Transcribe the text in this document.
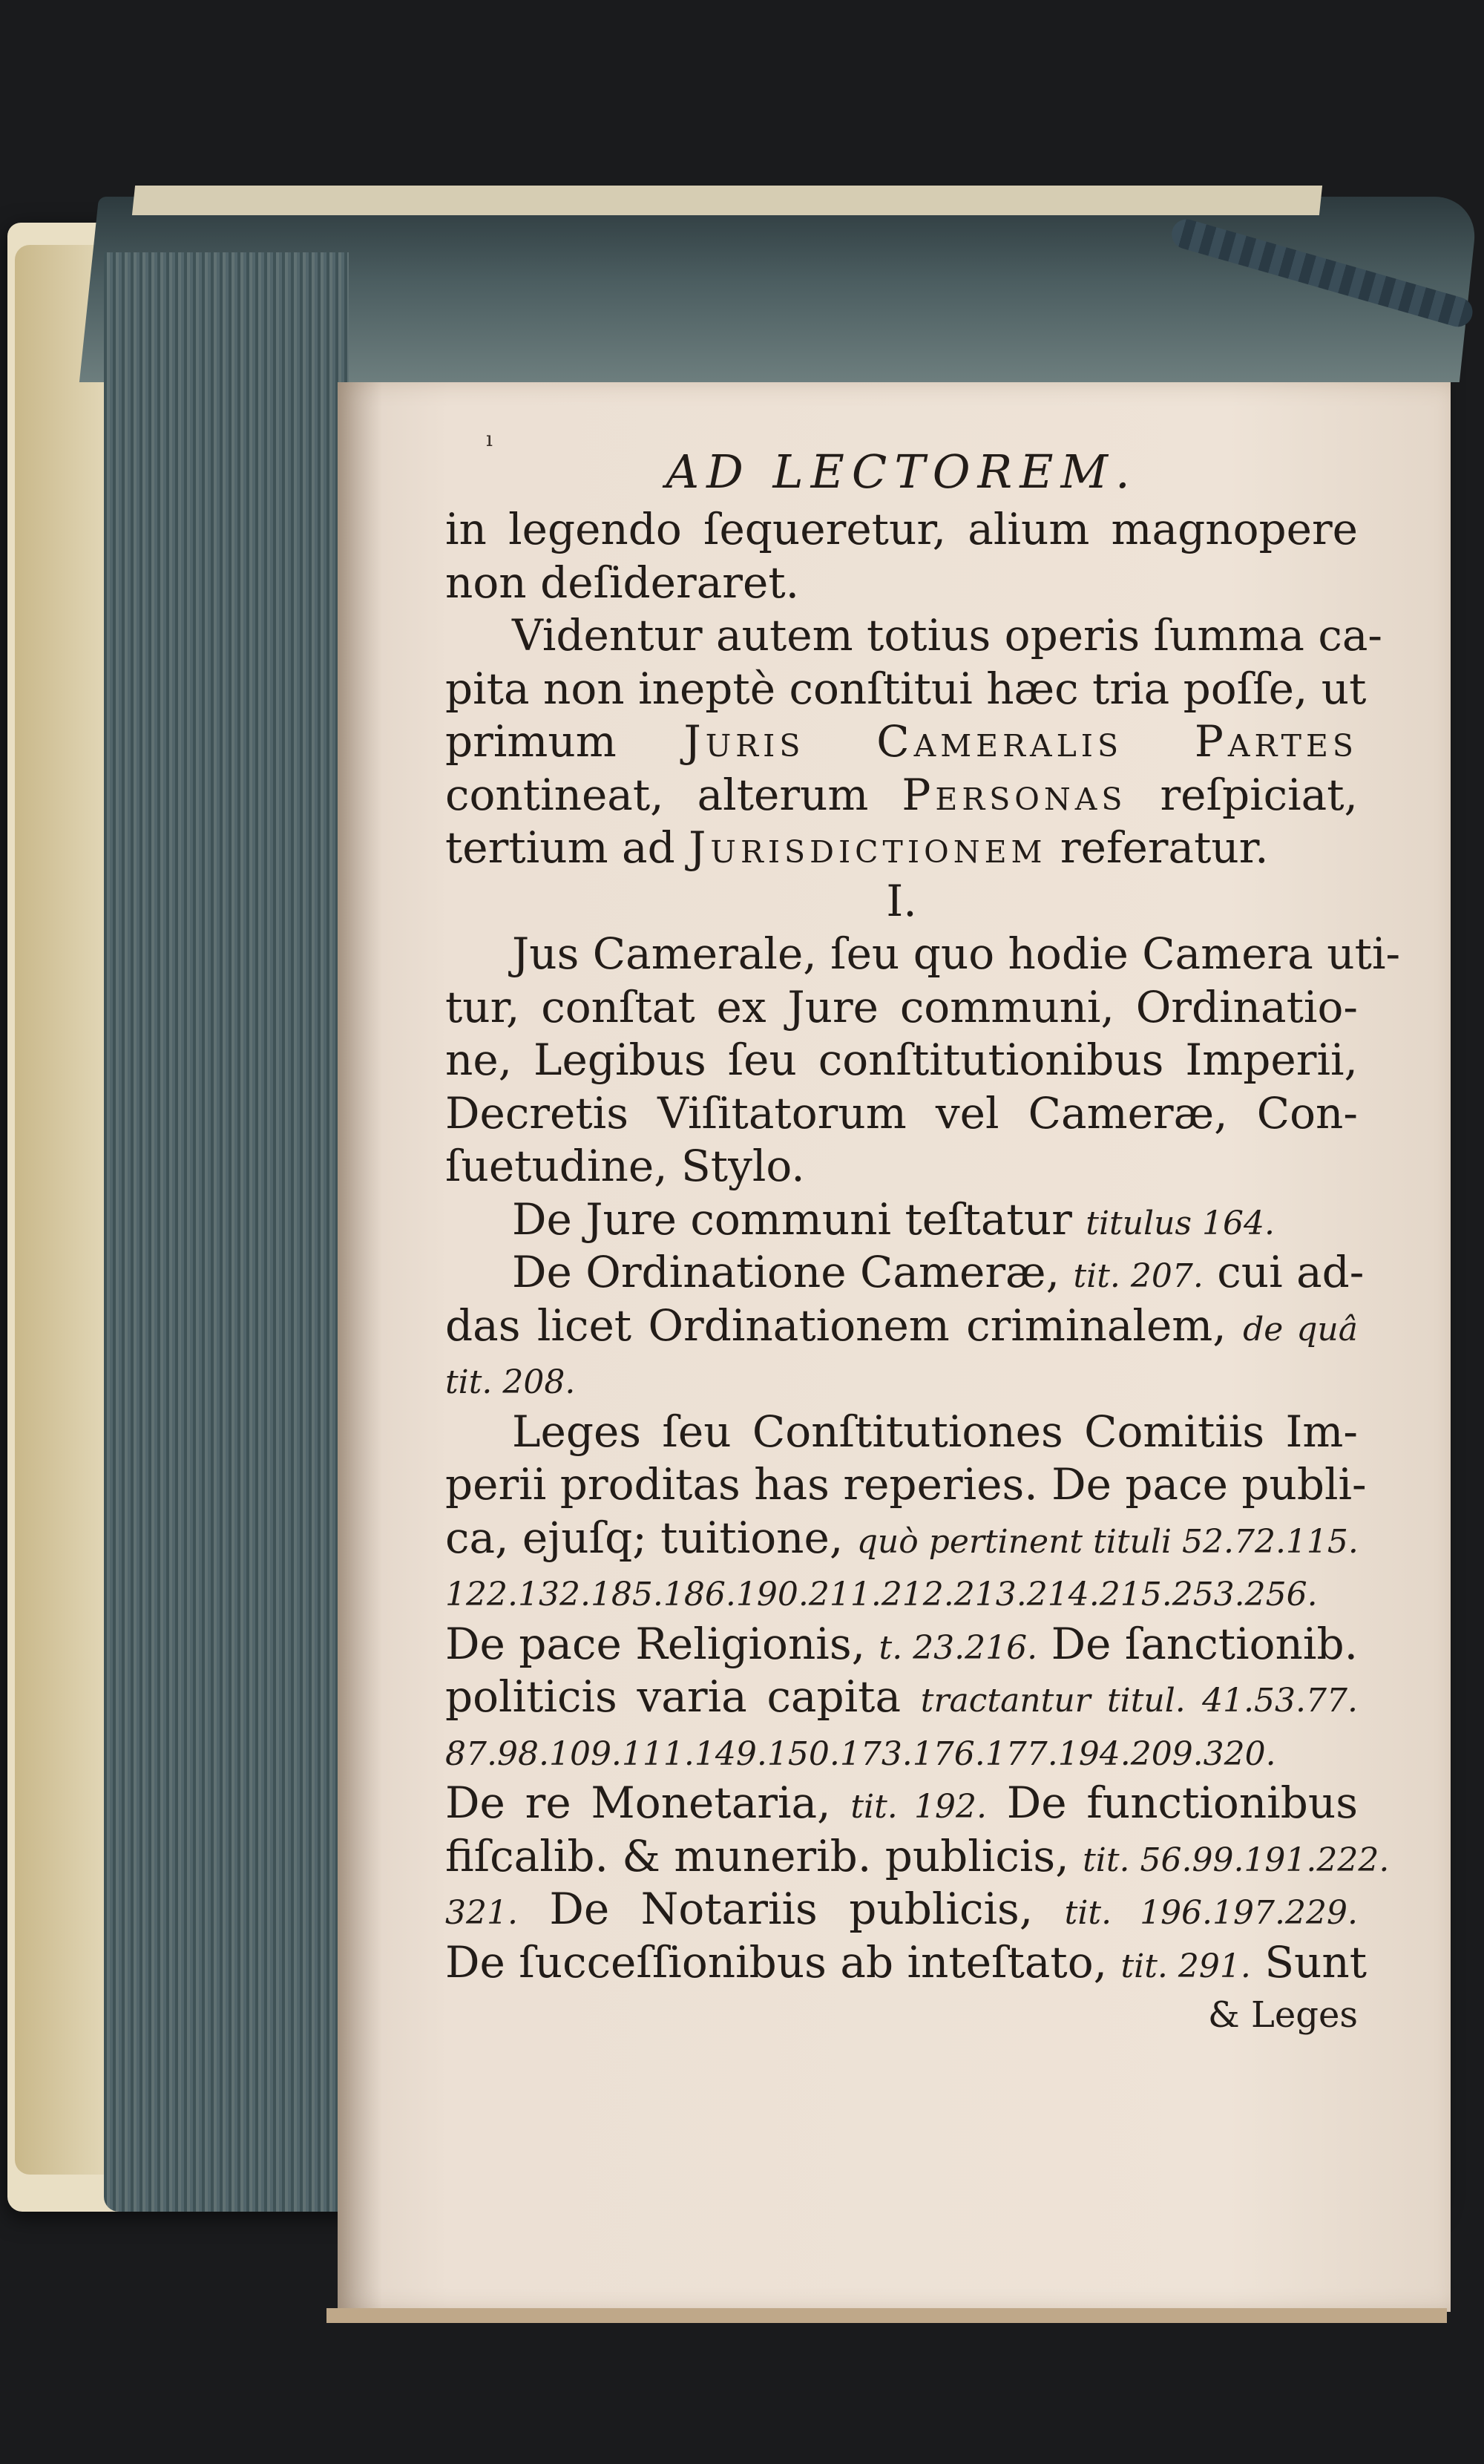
ı
AD LECTOREM.
in legendo ſequeretur, alium magnopere
non deſideraret.
Videntur autem totius operis ſumma ca-
pita non ineptè conſtitui hæc tria poſſe, ut
primum Juris Cameralis Partes
contineat, alterum Personas reſpiciat,
tertium ad Jurisdictionem referatur.
I.
Jus Camerale, ſeu quo hodie Camera uti-
tur, conſtat ex Jure communi, Ordinatio-
ne, Legibus ſeu conſtitutionibus Imperii,
Decretis Viſitatorum vel Cameræ, Con-
ſuetudine, Stylo.
De Jure communi teſtatur titulus 164.
De Ordinatione Cameræ, tit. 207. cui ad-
das licet Ordinationem criminalem, de quâ
tit. 208.
Leges ſeu Conſtitutiones Comitiis Im-
perii proditas has reperies. De pace publi-
ca, ejuſq; tuitione, quò pertinent tituli 52.72.115.
122.132.185.186.190.211.212.213.214.215.253.256.
De pace Religionis, t. 23.216. De ſanctionib.
politicis varia capita tractantur titul. 41.53.77.
87.98.109.111.149.150.173.176.177.194.209.320.
De re Monetaria, tit. 192. De functionibus
fiſcalib. & munerib. publicis, tit. 56.99.191.222.
321. De Notariis publicis, tit. 196.197.229.
De ſucceſſionibus ab inteſtato, tit. 291. Sunt
& Leges
